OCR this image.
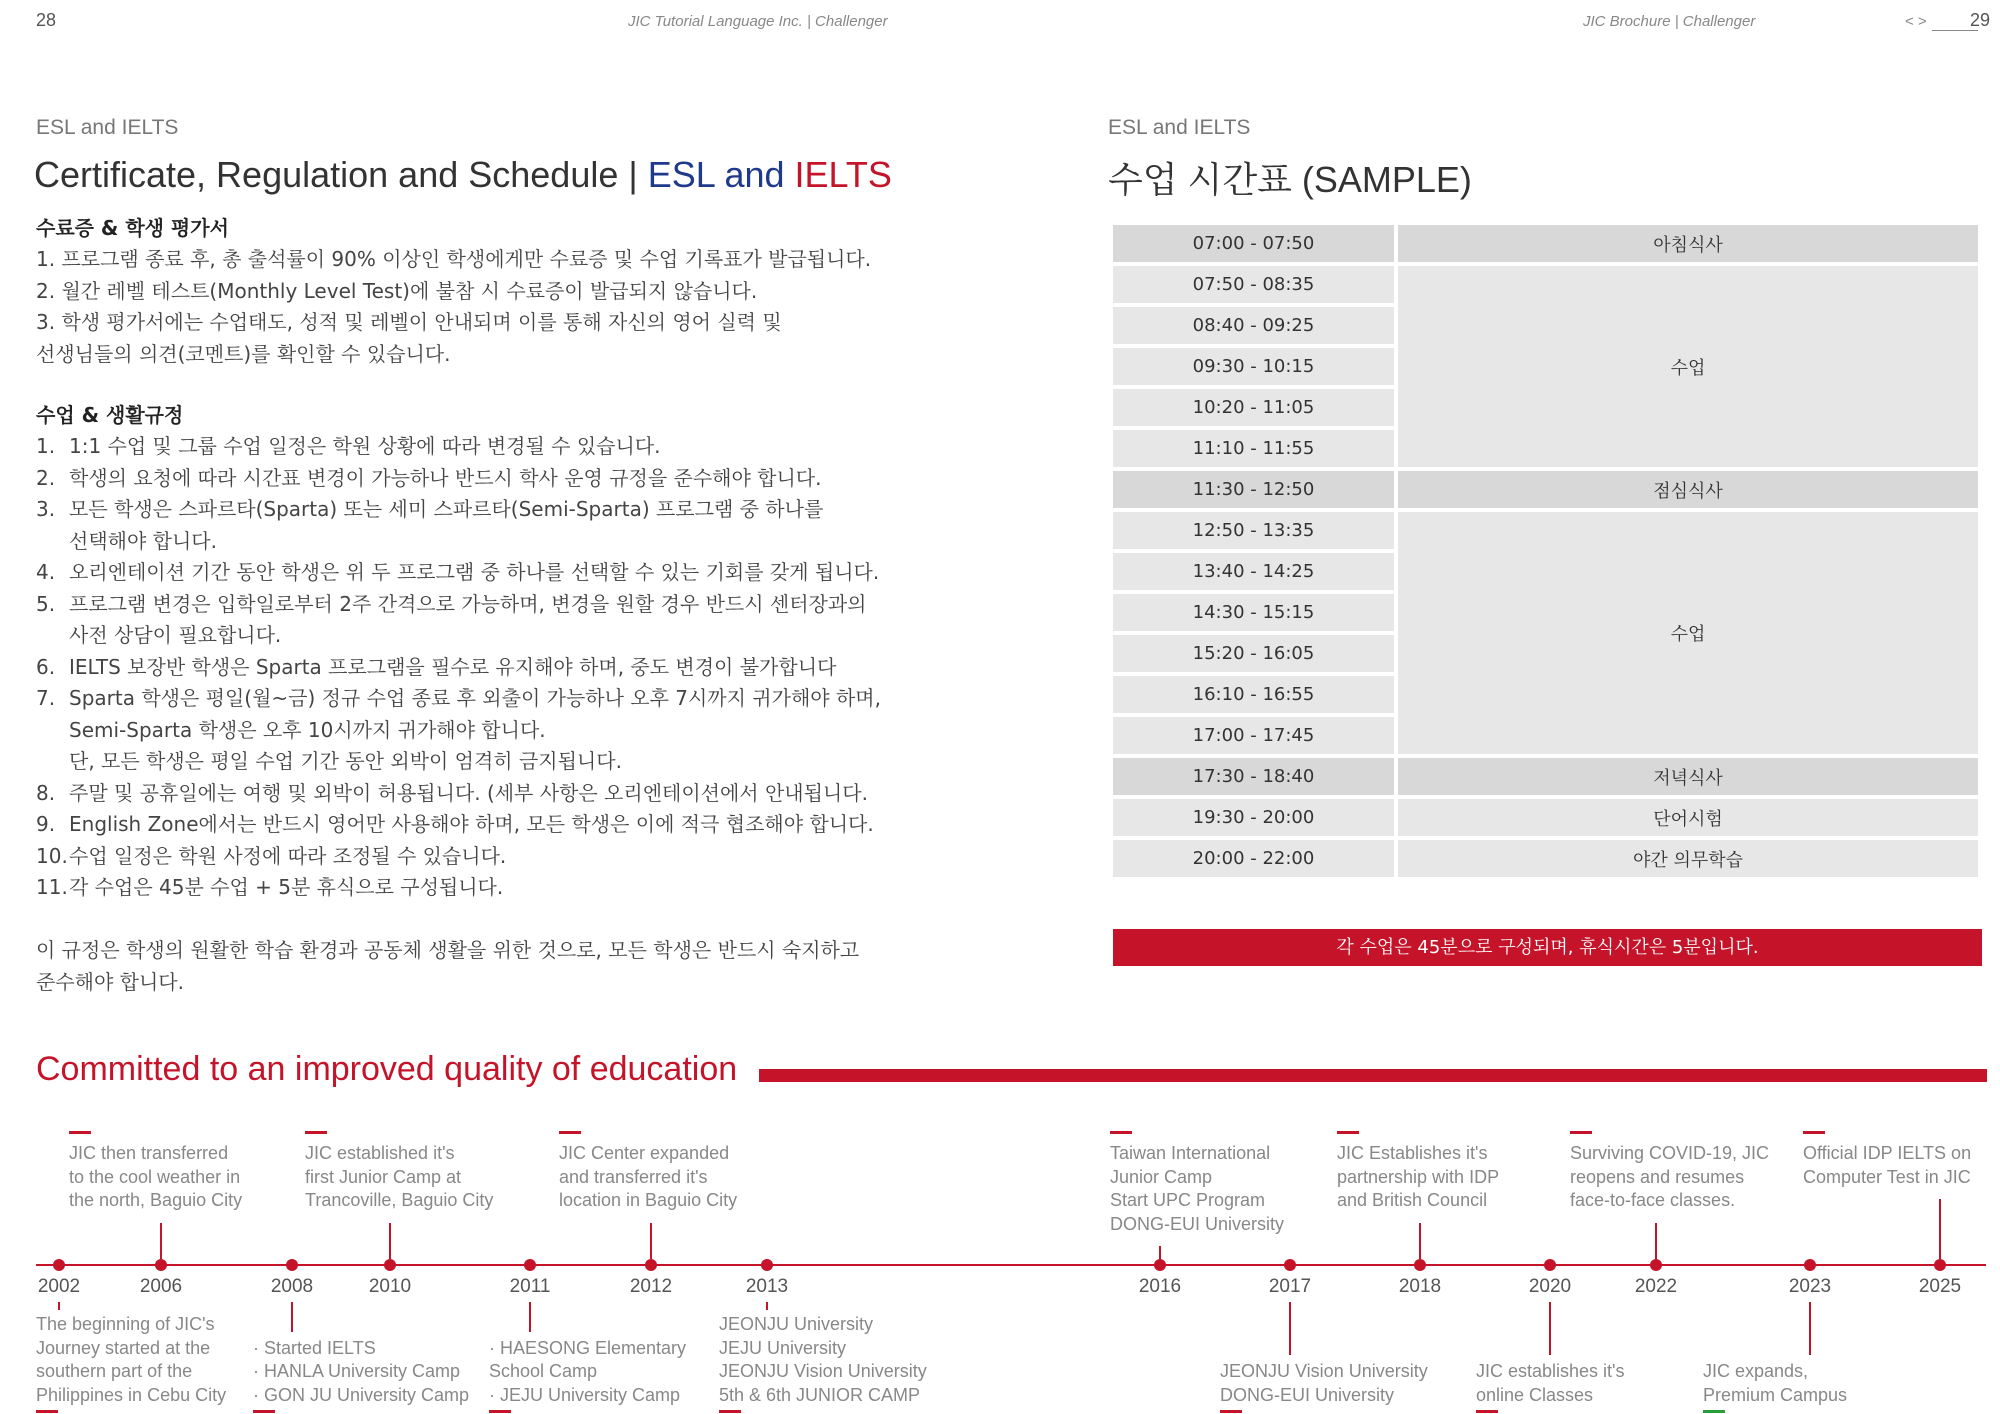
28	JIC Tutorial Language Inc. | Challenger	JIC Brochure | Challenger	< > 29
ESL and IELTS
Certificate, Regulation and Schedule | ESL and IELTS
수료증 & 학생 평가서
1. 프로그램 종료 후, 총 출석률이 90% 이상인 학생에게만 수료증 및 수업 기록표가 발급됩니다.
2. 월간 레벨 테스트(Monthly Level Test)에 불참 시 수료증이 발급되지 않습니다.
3. 학생 평가서에는 수업태도, 성적 및 레벨이 안내되며 이를 통해 자신의 영어 실력 및
선생님들의 의견(코멘트)를 확인할 수 있습니다.
수업 & 생활규정
1. 1:1 수업 및 그룹 수업 일정은 학원 상황에 따라 변경될 수 있습니다.
2. 학생의 요청에 따라 시간표 변경이 가능하나 반드시 학사 운영 규정을 준수해야 합니다.
3. 모든 학생은 스파르타(Sparta) 또는 세미 스파르타(Semi-Sparta) 프로그램 중 하나를
선택해야 합니다.
4. 오리엔테이션 기간 동안 학생은 위 두 프로그램 중 하나를 선택할 수 있는 기회를 갖게 됩니다.
5. 프로그램 변경은 입학일로부터 2주 간격으로 가능하며, 변경을 원할 경우 반드시 센터장과의
사전 상담이 필요합니다.
6. IELTS 보장반 학생은 Sparta 프로그램을 필수로 유지해야 하며, 중도 변경이 불가합니다
7. Sparta 학생은 평일(월~금) 정규 수업 종료 후 외출이 가능하나 오후 7시까지 귀가해야 하며,
Semi-Sparta 학생은 오후 10시까지 귀가해야 합니다.
단, 모든 학생은 평일 수업 기간 동안 외박이 엄격히 금지됩니다.
8. 주말 및 공휴일에는 여행 및 외박이 허용됩니다. (세부 사항은 오리엔테이션에서 안내됩니다.
9. English Zone에서는 반드시 영어만 사용해야 하며, 모든 학생은 이에 적극 협조해야 합니다.
10. 수업 일정은 학원 사정에 따라 조정될 수 있습니다.
11. 각 수업은 45분 수업 + 5분 휴식으로 구성됩니다.
이 규정은 학생의 원활한 학습 환경과 공동체 생활을 위한 것으로, 모든 학생은 반드시 숙지하고
준수해야 합니다.
ESL and IELTS
수업 시간표 (SAMPLE)
07:00 - 07:50	아침식사
07:50 - 08:35	수업
08:40 - 09:25	
09:30 - 10:15	
10:20 - 11:05	
11:10 - 11:55	
11:30 - 12:50	점심식사
12:50 - 13:35	수업
13:40 - 14:25	
14:30 - 15:15	
15:20 - 16:05	
16:10 - 16:55	
17:00 - 17:45	
17:30 - 18:40	저녁식사
19:30 - 20:00	단어시험
20:00 - 22:00	야간 의무학습
각 수업은 45분으로 구성되며, 휴식시간은 5분입니다.
Committed to an improved quality of education
2002	2006	2008	2010	2011	2012	2013	2016	2017	2018	2020	2022	2023	2025
JIC then transferred
to the cool weather in
the north, Baguio City
JIC established it's
first Junior Camp at
Trancoville, Baguio City
JIC Center expanded
and transferred it's
location in Baguio City
Taiwan International
Junior Camp
Start UPC Program
DONG-EUI University
JIC Establishes it's
partnership with IDP
and British Council
Surviving COVID-19, JIC
reopens and resumes
face-to-face classes.
Official IDP IELTS on
Computer Test in JIC
The beginning of JIC's
Journey started at the
southern part of the
Philippines in Cebu City
· Started IELTS
· HANLA University Camp
· GON JU University Camp
· HAESONG Elementary
School Camp
· JEJU University Camp
JEONJU University
JEJU University
JEONJU Vision University
5th & 6th JUNIOR CAMP
JEONJU Vision University
DONG-EUI University
JIC establishes it's
online Classes
JIC expands,
Premium Campus
